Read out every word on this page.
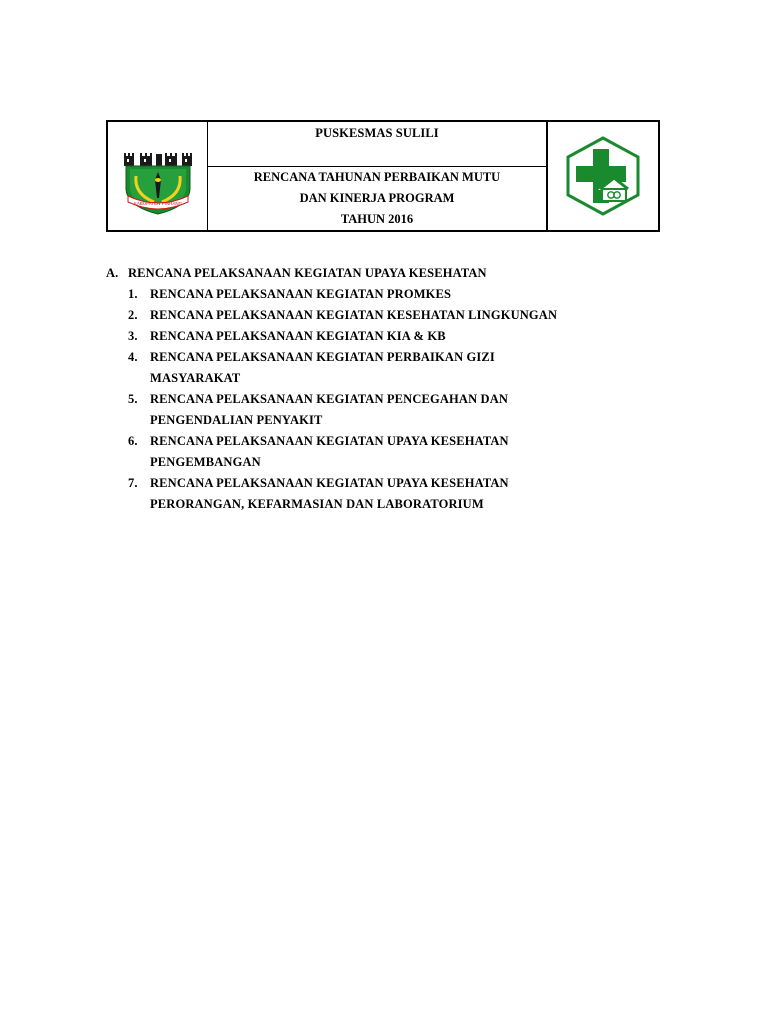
KABUPATEN PINRANG
PUSKESMAS SULILI
RENCANA TAHUNAN PERBAIKAN MUTU
DAN KINERJA PROGRAM
TAHUN 2016
A. RENCANA PELAKSANAAN KEGIATAN UPAYA KESEHATAN
1. RENCANA PELAKSANAAN KEGIATAN PROMKES
2. RENCANA PELAKSANAAN KEGIATAN KESEHATAN LINGKUNGAN
3. RENCANA PELAKSANAAN KEGIATAN KIA & KB
4. RENCANA PELAKSANAAN KEGIATAN PERBAIKAN GIZI
MASYARAKAT
5. RENCANA PELAKSANAAN KEGIATAN PENCEGAHAN DAN
PENGENDALIAN PENYAKIT
6. RENCANA PELAKSANAAN KEGIATAN UPAYA KESEHATAN
PENGEMBANGAN
7. RENCANA PELAKSANAAN KEGIATAN UPAYA KESEHATAN
PERORANGAN, KEFARMASIAN DAN LABORATORIUM
